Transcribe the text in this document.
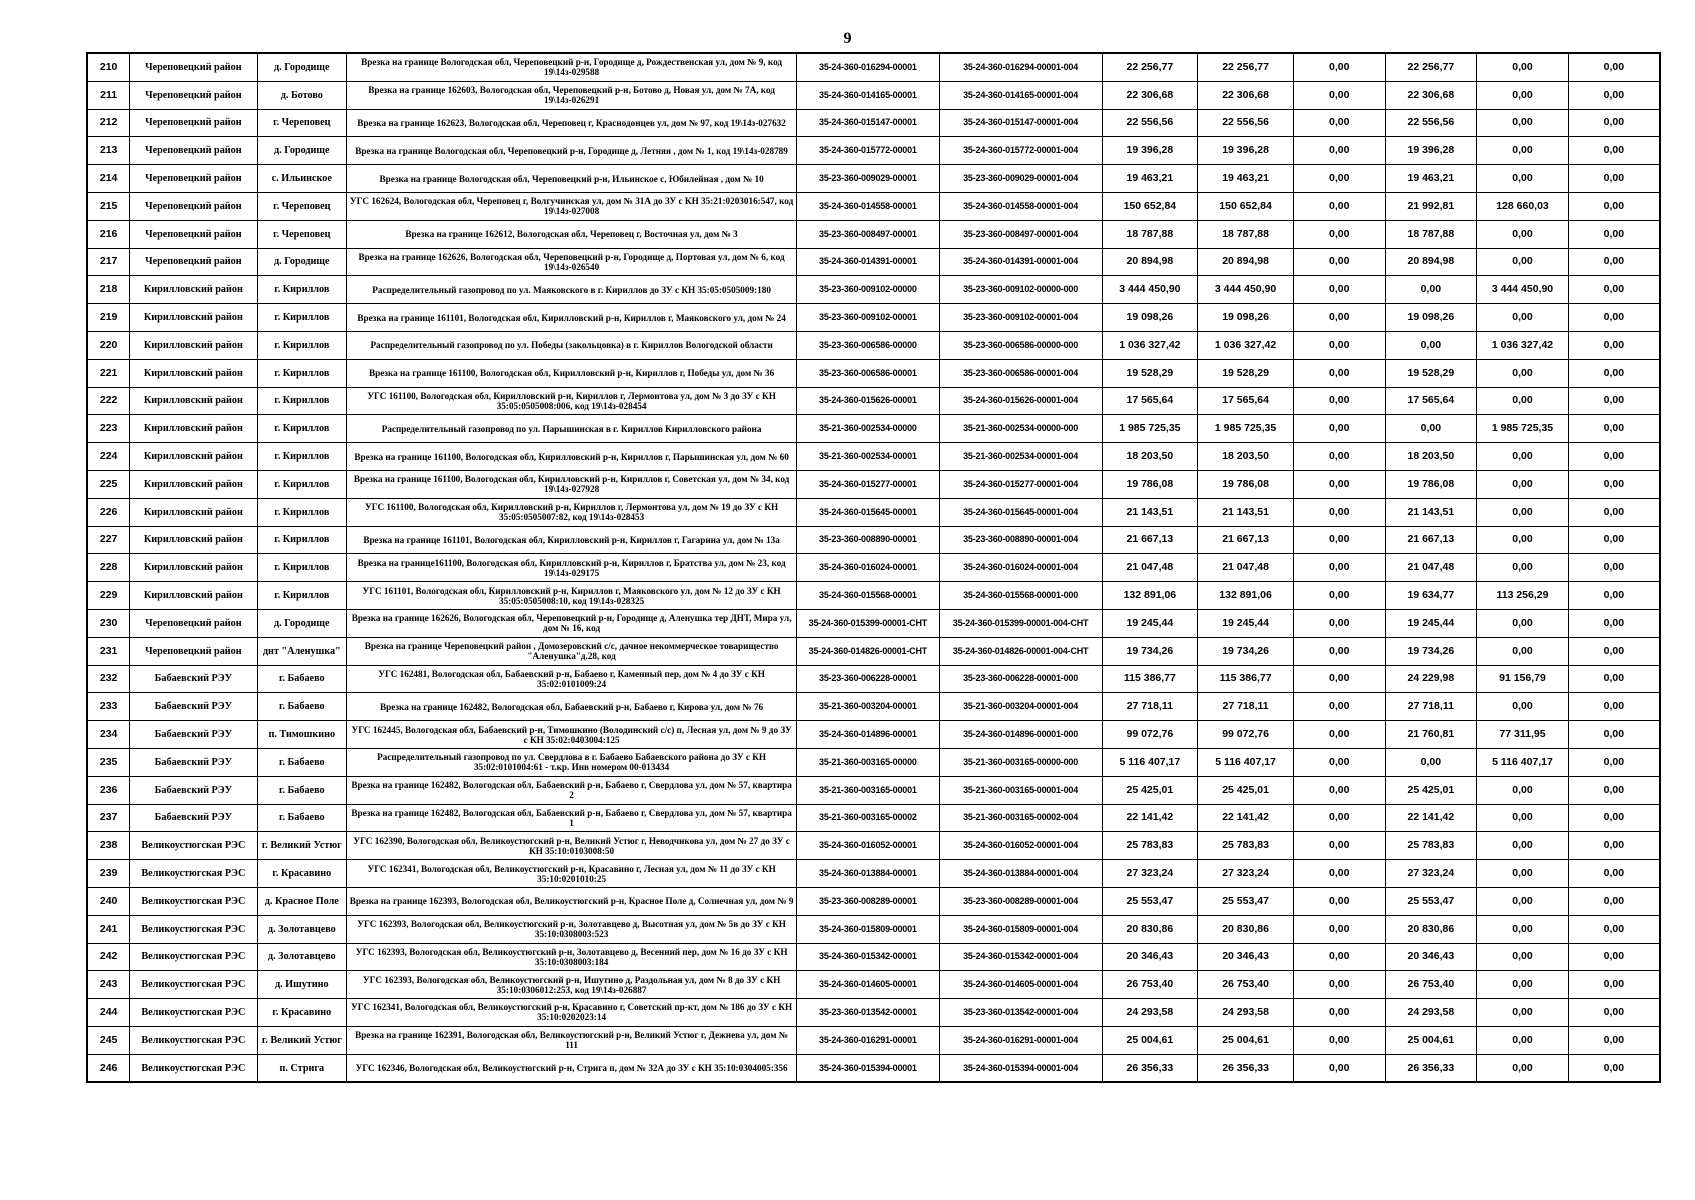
9
210	Череповецкий район	д. Городище	Врезка на границе Вологодская обл, Череповецкий р-н, Городище д, Рождественская ул, дом № 9, код 19\14з-029588	35-24-360-016294-00001	35-24-360-016294-00001-004	22 256,77	22 256,77	0,00	22 256,77	0,00	0,00
211	Череповецкий район	д. Ботово	Врезка на границе 162603, Вологодская обл, Череповецкий р-н, Ботово д, Новая ул, дом № 7А, код 19\14з-026291	35-24-360-014165-00001	35-24-360-014165-00001-004	22 306,68	22 306,68	0,00	22 306,68	0,00	0,00
212	Череповецкий район	г. Череповец	Врезка на границе 162623, Вологодская обл, Череповец г, Краснодонцев ул, дом № 97, код 19\14з-027632	35-24-360-015147-00001	35-24-360-015147-00001-004	22 556,56	22 556,56	0,00	22 556,56	0,00	0,00
213	Череповецкий район	д. Городище	Врезка на границе Вологодская обл, Череповецкий р-н, Городище д, Летняя , дом № 1, код 19\14з-028789	35-24-360-015772-00001	35-24-360-015772-00001-004	19 396,28	19 396,28	0,00	19 396,28	0,00	0,00
214	Череповецкий район	с. Ильинское	Врезка на границе Вологодская обл, Череповецкий р-н, Ильинское с, Юбилейная , дом № 10	35-23-360-009029-00001	35-23-360-009029-00001-004	19 463,21	19 463,21	0,00	19 463,21	0,00	0,00
215	Череповецкий район	г. Череповец	УГС 162624, Вологодская обл, Череповец г, Волгучинская ул, дом № 31А до ЗУ с КН 35:21:0203016:547, код 19\14з-027008	35-24-360-014558-00001	35-24-360-014558-00001-004	150 652,84	150 652,84	0,00	21 992,81	128 660,03	0,00
216	Череповецкий район	г. Череповец	Врезка на границе 162612, Вологодская обл, Череповец г, Восточная ул, дом № 3	35-23-360-008497-00001	35-23-360-008497-00001-004	18 787,88	18 787,88	0,00	18 787,88	0,00	0,00
217	Череповецкий район	д. Городище	Врезка на границе 162626, Вологодская обл, Череповецкий р-н, Городище д, Портовая ул, дом № 6, код 19\14з-026540	35-24-360-014391-00001	35-24-360-014391-00001-004	20 894,98	20 894,98	0,00	20 894,98	0,00	0,00
218	Кирилловский район	г. Кириллов	Распределительный газопровод по ул. Маяковского в г. Кириллов до ЗУ с КН 35:05:0505009:180	35-23-360-009102-00000	35-23-360-009102-00000-000	3 444 450,90	3 444 450,90	0,00	0,00	3 444 450,90	0,00
219	Кирилловский район	г. Кириллов	Врезка на границе 161101, Вологодская обл, Кирилловский р-н, Кириллов г, Маяковского ул, дом № 24	35-23-360-009102-00001	35-23-360-009102-00001-004	19 098,26	19 098,26	0,00	19 098,26	0,00	0,00
220	Кирилловский район	г. Кириллов	Распределительный газопровод по ул. Победы (закольцовка) в г. Кириллов Вологодской области	35-23-360-006586-00000	35-23-360-006586-00000-000	1 036 327,42	1 036 327,42	0,00	0,00	1 036 327,42	0,00
221	Кирилловский район	г. Кириллов	Врезка на границе 161100, Вологодская обл, Кирилловский р-н, Кириллов г, Победы ул, дом № 36	35-23-360-006586-00001	35-23-360-006586-00001-004	19 528,29	19 528,29	0,00	19 528,29	0,00	0,00
222	Кирилловский район	г. Кириллов	УГС 161100, Вологодская обл, Кирилловский р-н, Кириллов г, Лермонтова ул, дом № 3 до ЗУ с КН 35:05:0505008:006, код 19\14з-028454	35-24-360-015626-00001	35-24-360-015626-00001-004	17 565,64	17 565,64	0,00	17 565,64	0,00	0,00
223	Кирилловский район	г. Кириллов	Распределительный газопровод по ул. Парышинская в г. Кириллов Кирилловского района	35-21-360-002534-00000	35-21-360-002534-00000-000	1 985 725,35	1 985 725,35	0,00	0,00	1 985 725,35	0,00
224	Кирилловский район	г. Кириллов	Врезка на границе 161100, Вологодская обл, Кирилловский р-н, Кириллов г, Парышинская ул, дом № 60	35-21-360-002534-00001	35-21-360-002534-00001-004	18 203,50	18 203,50	0,00	18 203,50	0,00	0,00
225	Кирилловский район	г. Кириллов	Врезка на границе 161100, Вологодская обл, Кирилловский р-н, Кириллов г, Советская ул, дом № 34, код 19\14з-027928	35-24-360-015277-00001	35-24-360-015277-00001-004	19 786,08	19 786,08	0,00	19 786,08	0,00	0,00
226	Кирилловский район	г. Кириллов	УГС 161100, Вологодская обл, Кирилловский р-н, Кириллов г, Лермонтова ул, дом № 19 до ЗУ с КН 35:05:0505007:82, код 19\14з-028453	35-24-360-015645-00001	35-24-360-015645-00001-004	21 143,51	21 143,51	0,00	21 143,51	0,00	0,00
227	Кирилловский район	г. Кириллов	Врезка на границе 161101, Вологодская обл, Кирилловский р-н, Кириллов г, Гагарина ул, дом № 13а	35-23-360-008890-00001	35-23-360-008890-00001-004	21 667,13	21 667,13	0,00	21 667,13	0,00	0,00
228	Кирилловский район	г. Кириллов	Врезка на границе161100, Вологодская обл, Кирилловский р-н, Кириллов г, Братства ул, дом № 23, код 19\14з-029175	35-24-360-016024-00001	35-24-360-016024-00001-004	21 047,48	21 047,48	0,00	21 047,48	0,00	0,00
229	Кирилловский район	г. Кириллов	УГС 161101, Вологодская обл, Кирилловский р-н, Кириллов г, Маяковского ул, дом № 12 до ЗУ с КН 35:05:0505008:10, код 19\14з-028325	35-24-360-015568-00001	35-24-360-015568-00001-000	132 891,06	132 891,06	0,00	19 634,77	113 256,29	0,00
230	Череповецкий район	д. Городище	Врезка на границе 162626, Вологодская обл, Череповецкий р-н, Городище д, Аленушка тер ДНТ, Мира ул, дом № 16, код	35-24-360-015399-00001-СНТ	35-24-360-015399-00001-004-СНТ	19 245,44	19 245,44	0,00	19 245,44	0,00	0,00
231	Череповецкий район	днт "Аленушка"	Врезка на границе Череповецкий район , Домозеровский с/с, дачное некоммерческое товарищество "Аленушка"д.28, код	35-24-360-014826-00001-СНТ	35-24-360-014826-00001-004-СНТ	19 734,26	19 734,26	0,00	19 734,26	0,00	0,00
232	Бабаевский РЭУ	г. Бабаево	УГС 162481, Вологодская обл, Бабаевский р-н, Бабаево г, Каменный пер, дом № 4 до ЗУ с КН 35:02:0101009:24	35-23-360-006228-00001	35-23-360-006228-00001-000	115 386,77	115 386,77	0,00	24 229,98	91 156,79	0,00
233	Бабаевский РЭУ	г. Бабаево	Врезка на границе 162482, Вологодская обл, Бабаевский р-н, Бабаево г, Кирова ул, дом № 76	35-21-360-003204-00001	35-21-360-003204-00001-004	27 718,11	27 718,11	0,00	27 718,11	0,00	0,00
234	Бабаевский РЭУ	п. Тимошкино	УГС 162445, Вологодская обл, Бабаевский р-н, Тимошкино (Володинский с/с) п, Лесная ул, дом № 9 до ЗУ с КН 35:02:0403004:125	35-24-360-014896-00001	35-24-360-014896-00001-000	99 072,76	99 072,76	0,00	21 760,81	77 311,95	0,00
235	Бабаевский РЭУ	г. Бабаево	Распределительный газопровод по ул. Свердлова в г. Бабаево Бабаевского района до ЗУ с КН 35:02:0101004:61 - т.кр. Инв номером 00-013434	35-21-360-003165-00000	35-21-360-003165-00000-000	5 116 407,17	5 116 407,17	0,00	0,00	5 116 407,17	0,00
236	Бабаевский РЭУ	г. Бабаево	Врезка на границе 162482, Вологодская обл, Бабаевский р-н, Бабаево г, Свердлова ул, дом № 57, квартира 2	35-21-360-003165-00001	35-21-360-003165-00001-004	25 425,01	25 425,01	0,00	25 425,01	0,00	0,00
237	Бабаевский РЭУ	г. Бабаево	Врезка на границе 162482, Вологодская обл, Бабаевский р-н, Бабаево г, Свердлова ул, дом № 57, квартира 1	35-21-360-003165-00002	35-21-360-003165-00002-004	22 141,42	22 141,42	0,00	22 141,42	0,00	0,00
238	Великоустюгская РЭС	г. Великий Устюг	УГС 162390, Вологодская обл, Великоустюгский р-н, Великий Устюг г, Неводчикова ул, дом № 27 до ЗУ с КН 35:10:0103008:50	35-24-360-016052-00001	35-24-360-016052-00001-004	25 783,83	25 783,83	0,00	25 783,83	0,00	0,00
239	Великоустюгская РЭС	г. Красавино	УГС 162341, Вологодская обл, Великоустюгский р-н, Красавино г, Лесная ул, дом № 11 до ЗУ с КН 35:10:0201010:25	35-24-360-013884-00001	35-24-360-013884-00001-004	27 323,24	27 323,24	0,00	27 323,24	0,00	0,00
240	Великоустюгская РЭС	д. Красное Поле	Врезка на границе 162393, Вологодская обл, Великоустюгский р-н, Красное Поле д, Солнечная ул, дом № 9	35-23-360-008289-00001	35-23-360-008289-00001-004	25 553,47	25 553,47	0,00	25 553,47	0,00	0,00
241	Великоустюгская РЭС	д. Золотавцево	УГС 162393, Вологодская обл, Великоустюгский р-н, Золотавцево д, Высотная ул, дом № 5в до ЗУ с КН 35:10:0308003:523	35-24-360-015809-00001	35-24-360-015809-00001-004	20 830,86	20 830,86	0,00	20 830,86	0,00	0,00
242	Великоустюгская РЭС	д. Золотавцево	УГС 162393, Вологодская обл, Великоустюгский р-н, Золотавцево д, Весенний пер, дом № 16 до ЗУ с КН 35:10:0308003:184	35-24-360-015342-00001	35-24-360-015342-00001-004	20 346,43	20 346,43	0,00	20 346,43	0,00	0,00
243	Великоустюгская РЭС	д. Ишутино	УГС 162393, Вологодская обл, Великоустюгский р-н, Ишутино д, Раздольная ул, дом № 8 до ЗУ с КН 35:10:0306012:253, код 19\14з-026887	35-24-360-014605-00001	35-24-360-014605-00001-004	26 753,40	26 753,40	0,00	26 753,40	0,00	0,00
244	Великоустюгская РЭС	г. Красавино	УГС 162341, Вологодская обл, Великоустюгский р-н, Красавино г, Советский пр-кт, дом № 186 до ЗУ с КН 35:10:0202023:14	35-23-360-013542-00001	35-23-360-013542-00001-004	24 293,58	24 293,58	0,00	24 293,58	0,00	0,00
245	Великоустюгская РЭС	г. Великий Устюг	Врезка на границе 162391, Вологодская обл, Великоустюгский р-н, Великий Устюг г, Дежнева ул, дом № 111	35-24-360-016291-00001	35-24-360-016291-00001-004	25 004,61	25 004,61	0,00	25 004,61	0,00	0,00
246	Великоустюгская РЭС	п. Стрига	УГС 162346, Вологодская обл, Великоустюгский р-н, Стрига п, дом № 32А до ЗУ с КН 35:10:0304005:356	35-24-360-015394-00001	35-24-360-015394-00001-004	26 356,33	26 356,33	0,00	26 356,33	0,00	0,00
